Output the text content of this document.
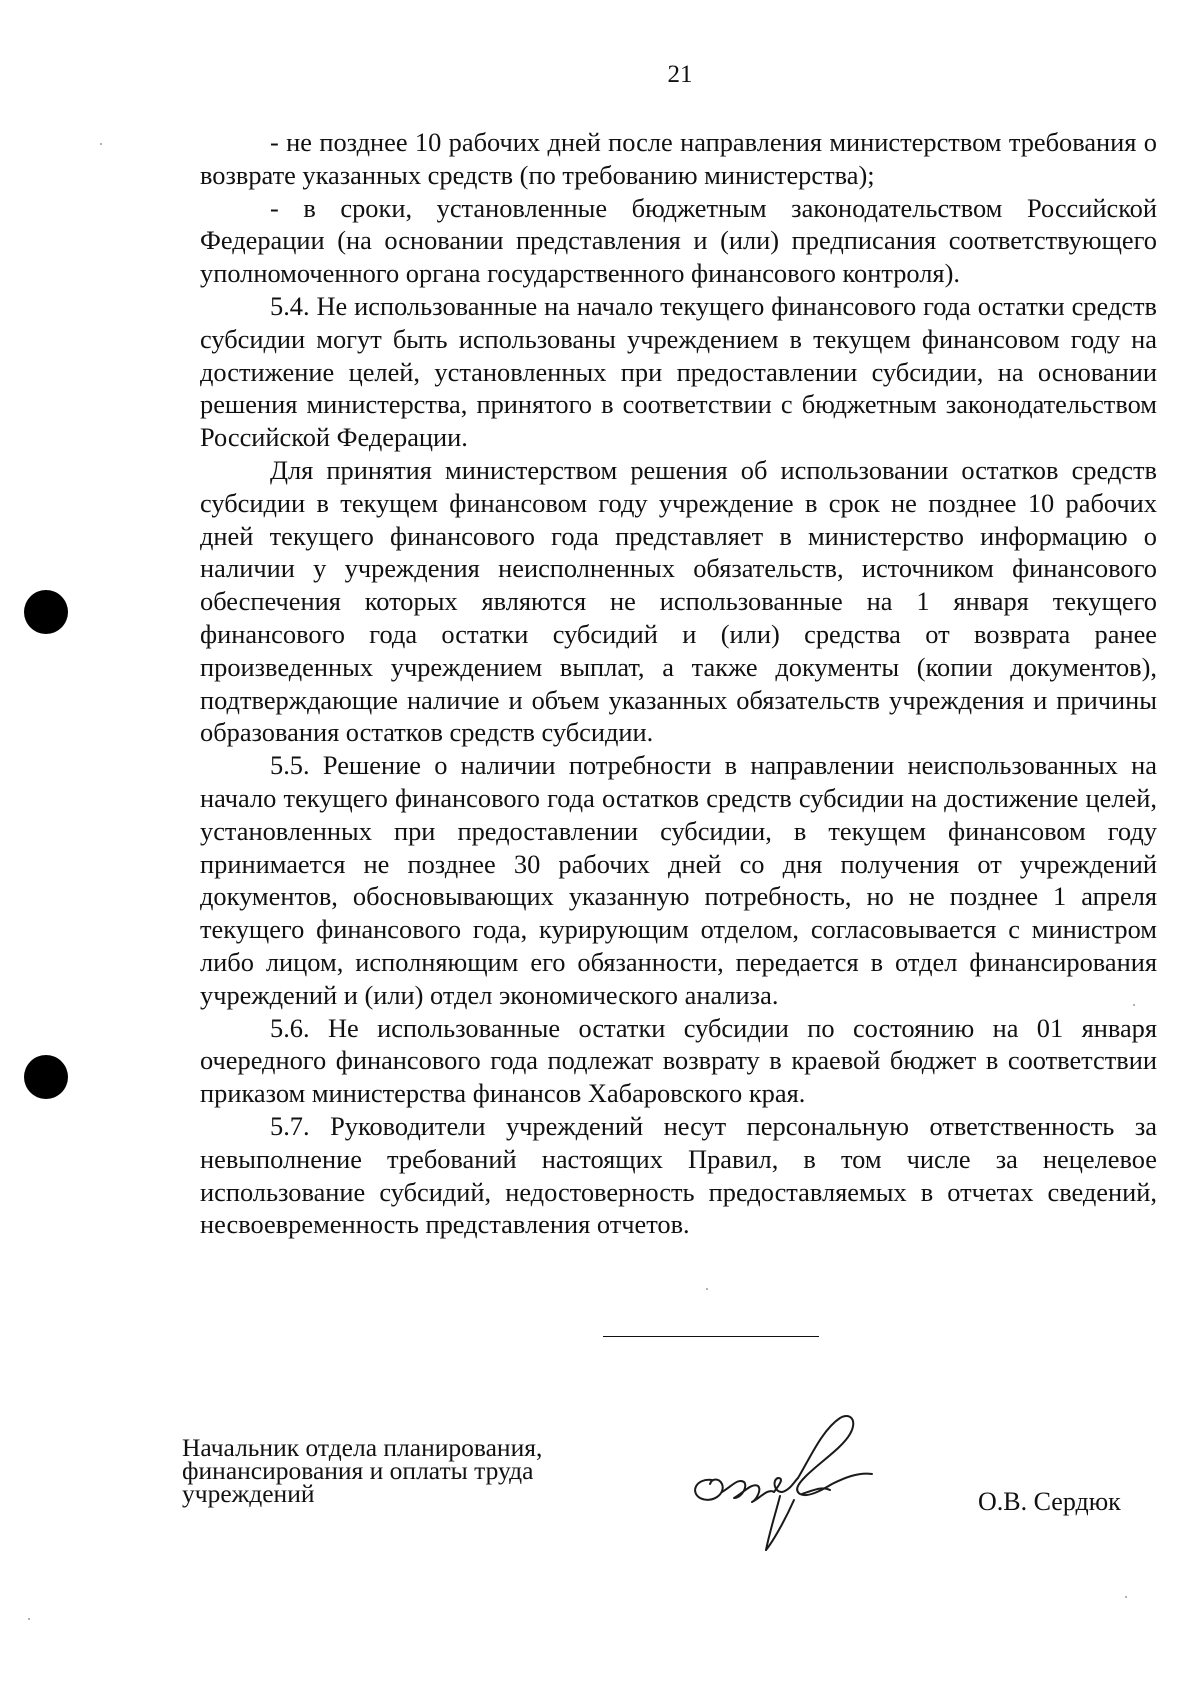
21

- не позднее 10 рабочих дней после направления министерством требования о возврате указанных средств (по требованию министерства);

- в сроки, установленные бюджетным законодательством Российской Федерации (на основании представления и (или) предписания соответствующего уполномоченного органа государственного финансового контроля).

5.4. Не использованные на начало текущего финансового года остатки средств субсидии могут быть использованы учреждением в текущем финансовом году на достижение целей, установленных при предоставлении субсидии, на основании решения министерства, принятого в соответствии с бюджетным законодательством Российской Федерации.

Для принятия министерством решения об использовании остатков средств субсидии в текущем финансовом году учреждение в срок не позднее 10 рабочих дней текущего финансового года представляет в министерство информацию о наличии у учреждения неисполненных обязательств, источником финансового обеспечения которых являются не использованные на 1 января текущего финансового года остатки субсидий и (или) средства от возврата ранее произведенных учреждением выплат, а также документы (копии документов), подтверждающие наличие и объем указанных обязательств учреждения и причины образования остатков средств субсидии.

5.5. Решение о наличии потребности в направлении неиспользованных на начало текущего финансового года остатков средств субсидии на достижение целей, установленных при предоставлении субсидии, в текущем финансовом году принимается не позднее 30 рабочих дней со дня получения от учреждений документов, обосновывающих указанную потребность, но не позднее 1 апреля текущего финансового года, курирующим отделом, согласовывается с министром либо лицом, исполняющим его обязанности, передается в отдел финансирования учреждений и (или) отдел экономического анализа.

5.6. Не использованные остатки субсидии по состоянию на 01 января очередного финансового года подлежат возврату в краевой бюджет в соответствии приказом министерства финансов Хабаровского края.

5.7. Руководители учреждений несут персональную ответственность за невыполнение требований настоящих Правил, в том числе за нецелевое использование субсидий, недостоверность предоставляемых в отчетах сведений, несвоевременность представления отчетов.

Начальник отдела планирования,
финансирования и оплаты труда
учреждений	О.В. Сердюк
